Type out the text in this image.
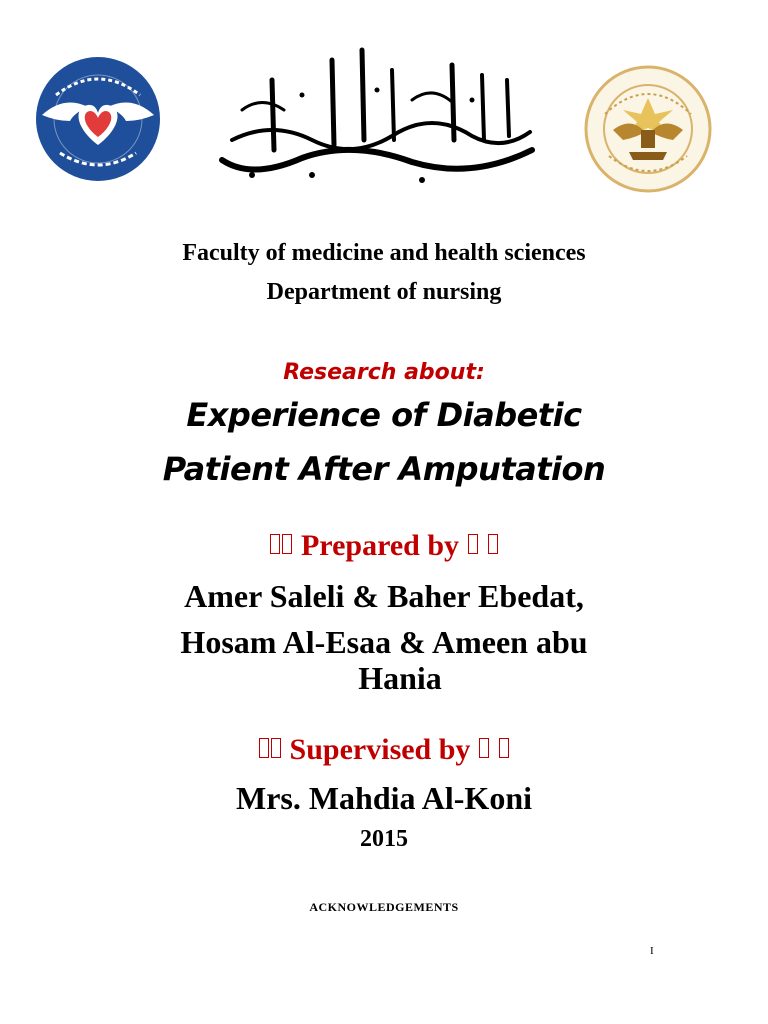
Faculty of medicine and health sciences
Department of nursing
Research about:
Experience of Diabetic
Patient After Amputation
Prepared by
Amer Saleli & Baher Ebedat,
Hosam Al-Esaa & Ameen abu
Hania
Supervised by
Mrs. Mahdia Al-Koni
2015
ACKNOWLEDGEMENTS
I
